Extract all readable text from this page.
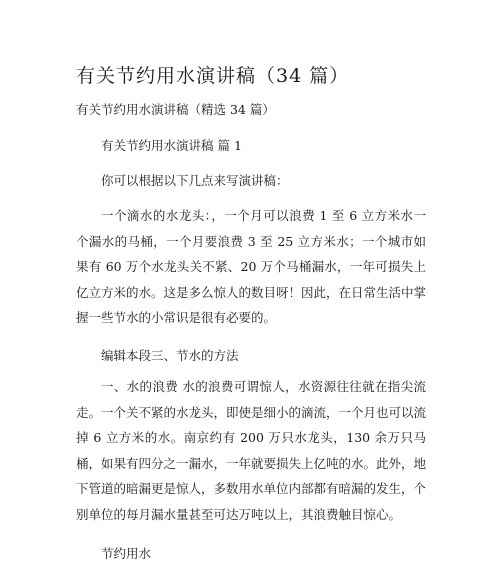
有关节约用水演讲稿（34 篇）
有关节约用水演讲稿（精选 34 篇）
有关节约用水演讲稿 篇 1
你可以根据以下几点来写演讲稿：
一个滴水的水龙头：，一个月可以浪费 1 至 6 立方米水一个漏水的马桶，一个月要浪费 3 至 25 立方米水；一个城市如果有 60 万个水龙头关不紧、20 万个马桶漏水，一年可损失上亿立方米的水。这是多么惊人的数目呀！因此，在日常生活中掌握一些节水的小常识是很有必要的。
编辑本段三、节水的方法
一、水的浪费 水的浪费可谓惊人，水资源往往就在指尖流走。一个关不紧的水龙头，即使是细小的滴流，一个月也可以流掉 6 立方米的水。南京约有 200 万只水龙头，130 余万只马桶，如果有四分之一漏水，一年就要损失上亿吨的水。此外，地下管道的暗漏更是惊人，多数用水单位内部都有暗漏的发生，个别单位的每月漏水量甚至可达万吨以上，其浪费触目惊心。
节约用水
